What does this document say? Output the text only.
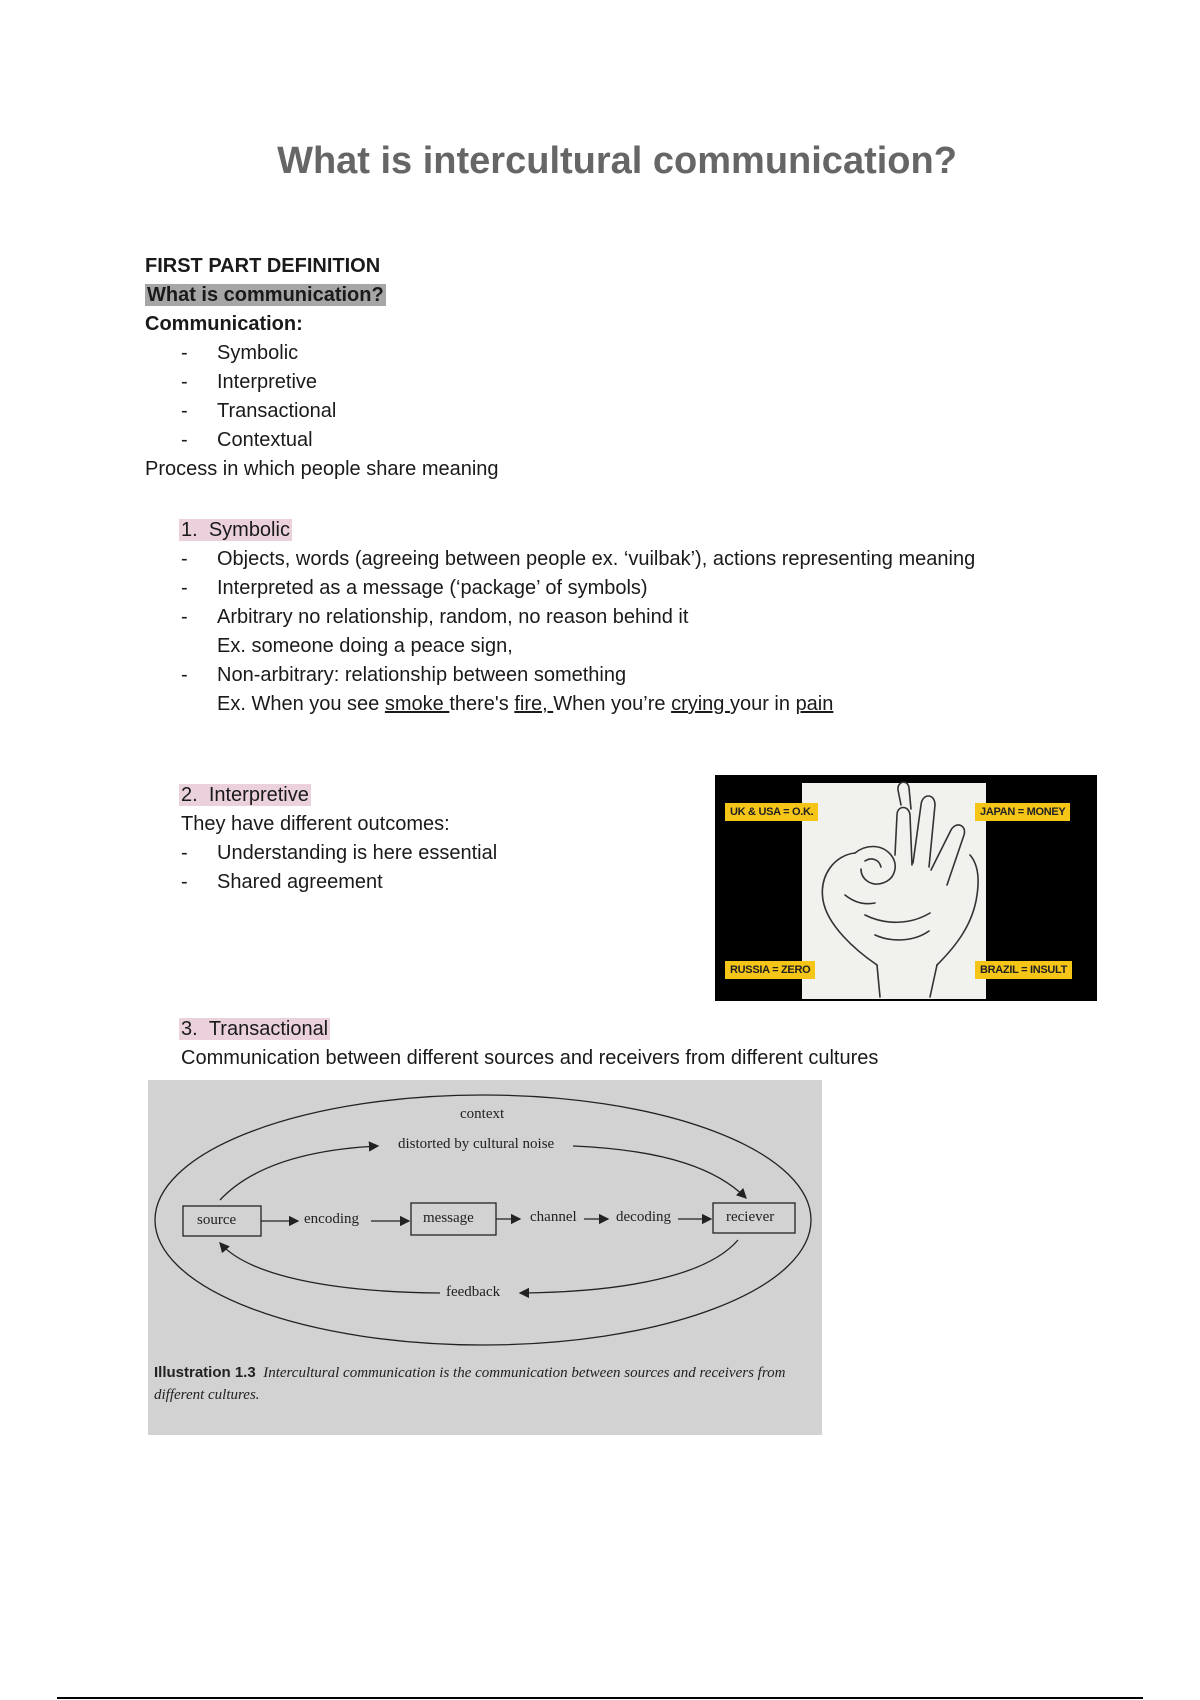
What is intercultural communication?
FIRST PART DEFINITION
What is communication?
Communication:
- Symbolic
- Interpretive
- Transactional
- Contextual
Process in which people share meaning
1. Symbolic
- Objects, words (agreeing between people ex. ‘vuilbak’), actions representing meaning
- Interpreted as a message (‘package’ of symbols)
- Arbitrary no relationship, random, no reason behind it
Ex. someone doing a peace sign,
- Non-arbitrary: relationship between something
Ex. When you see smoke there's fire, When you’re crying your in pain
2. Interpretive
They have different outcomes:
- Understanding is here essential
- Shared agreement
UK & USA = O.K.	JAPAN = MONEY
RUSSIA = ZERO	BRAZIL = INSULT
3. Transactional
Communication between different sources and receivers from different cultures
context
distorted by cultural noise
source	encoding	message	channel	decoding	reciever
feedback
Illustration 1.3 Intercultural communication is the communication between sources and receivers from different cultures.
